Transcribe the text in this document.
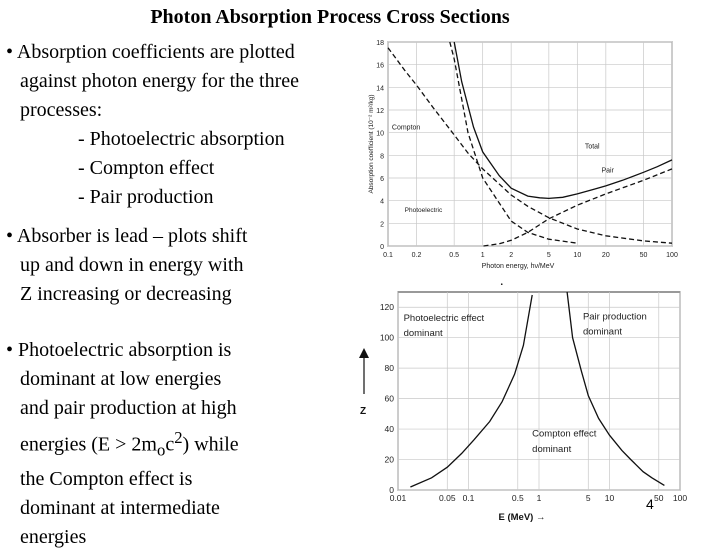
Photon Absorption Process Cross Sections
• Absorption coefficients are plotted
against photon energy for the three
processes:
- Photoelectric absorption
- Compton effect
- Pair production
• Absorber is lead – plots shift
up and down in energy with
Z increasing or decreasing
• Photoelectric absorption is
dominant at low energies
and pair production at high
energies $(E > 2m_oc^2)$ while
the Compton effect is
dominant at intermediate
energies
0.1	0.2	0.5	1	2	5	10	20	50	100
0
2
4
6
8
10
12
14
16
18
Absorption coefficient (10⁻² m²/kg)
Photon energy, hν/MeV
Compton
Total
Pair
Photoelectric
0.01	0.05 0.1	0.5 1	5 10	50 100
0
20
40
60
80
100
120
Z
E (MeV) →
Photoelectric effect
dominant
Pair production
dominant
Compton effect
dominant
.
4
